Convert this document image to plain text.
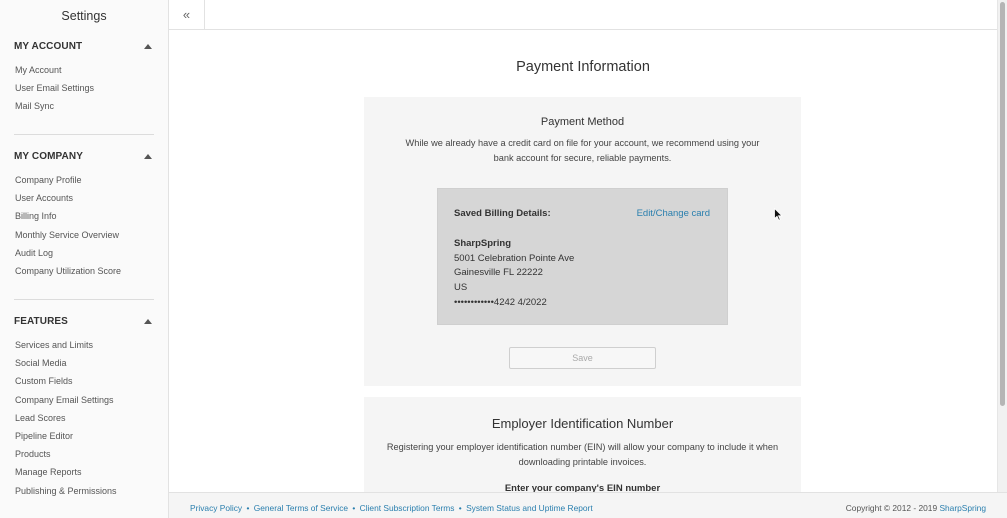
Settings
MY ACCOUNT
My Account
User Email Settings
Mail Sync
MY COMPANY
Company Profile
User Accounts
Billing Info
Monthly Service Overview
Audit Log
Company Utilization Score
FEATURES
Services and Limits
Social Media
Custom Fields
Company Email Settings
Lead Scores
Pipeline Editor
Products
Manage Reports
Publishing & Permissions
«
Payment Information
Payment Method
While we already have a credit card on file for your account, we recommend using your bank account for secure, reliable payments.
Saved Billing Details:	Edit/Change card
SharpSpring
5001 Celebration Pointe Ave
Gainesville FL 22222
US
••••••••••••4242 4/2022
Save
Employer Identification Number
Registering your employer identification number (EIN) will allow your company to include it when downloading printable invoices.
Enter your company's EIN number
Privacy Policy • General Terms of Service • Client Subscription Terms • System Status and Uptime Report	Copyright © 2012 - 2019 SharpSpring
